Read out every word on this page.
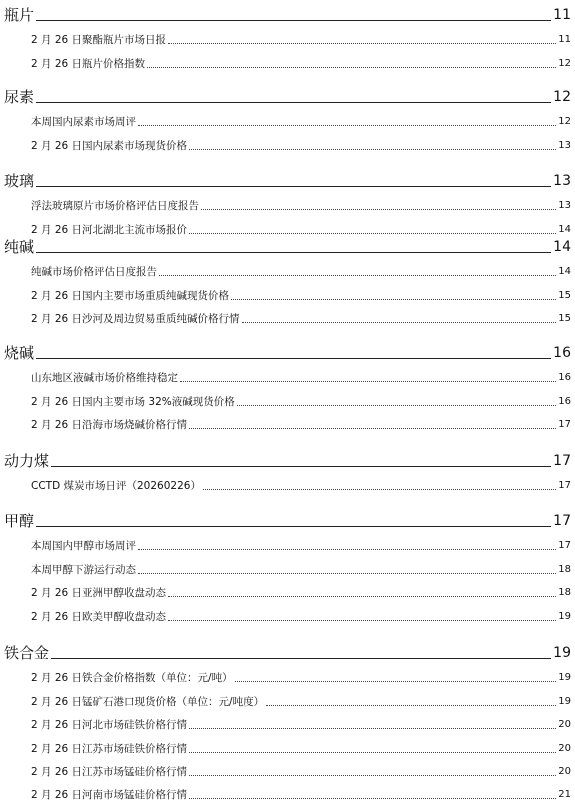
瓶片	11
2 月 26 日聚酯瓶片市场日报	11
2 月 26 日瓶片价格指数	12
尿素	12
本周国内尿素市场周评	12
2 月 26 日国内尿素市场现货价格	13
玻璃	13
浮法玻璃原片市场价格评估日度报告	13
2 月 26 日河北湖北主流市场报价	14
纯碱	14
纯碱市场价格评估日度报告	14
2 月 26 日国内主要市场重质纯碱现货价格	15
2 月 26 日沙河及周边贸易重质纯碱价格行情	15
烧碱	16
山东地区液碱市场价格维持稳定	16
2 月 26 日国内主要市场 32%液碱现货价格	16
2 月 26 日沿海市场烧碱价格行情	17
动力煤	17
CCTD 煤炭市场日评（20260226）	17
甲醇	17
本周国内甲醇市场周评	17
本周甲醇下游运行动态	18
2 月 26 日亚洲甲醇收盘动态	18
2 月 26 日欧美甲醇收盘动态	19
铁合金	19
2 月 26 日铁合金价格指数（单位：元/吨）	19
2 月 26 日锰矿石港口现货价格（单位：元/吨度）	19
2 月 26 日河北市场硅铁价格行情	20
2 月 26 日江苏市场硅铁价格行情	20
2 月 26 日江苏市场锰硅价格行情	20
2 月 26 日河南市场锰硅价格行情	21
